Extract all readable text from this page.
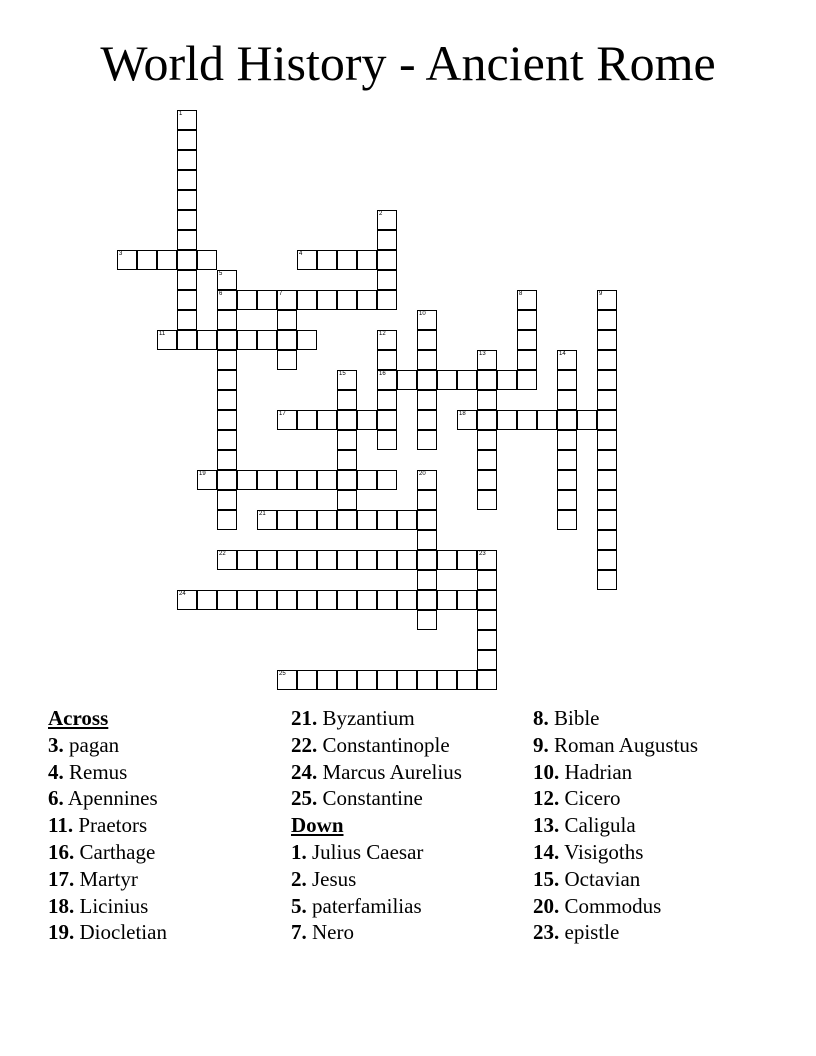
World History - Ancient Rome
1
2
3	4
5
6	7	8	9
10
11	12
16
13	14
15
17	18
19	20
21
22	23
24
25
Across
3. pagan
4. Remus
6. Apennines
11. Praetors
16. Carthage
17. Martyr
18. Licinius
19. Diocletian
21. Byzantium
22. Constantinople
24. Marcus Aurelius
25. Constantine
Down
1. Julius Caesar
2. Jesus
5. paterfamilias
7. Nero
8. Bible
9. Roman Augustus
10. Hadrian
12. Cicero
13. Caligula
14. Visigoths
15. Octavian
20. Commodus
23. epistle
